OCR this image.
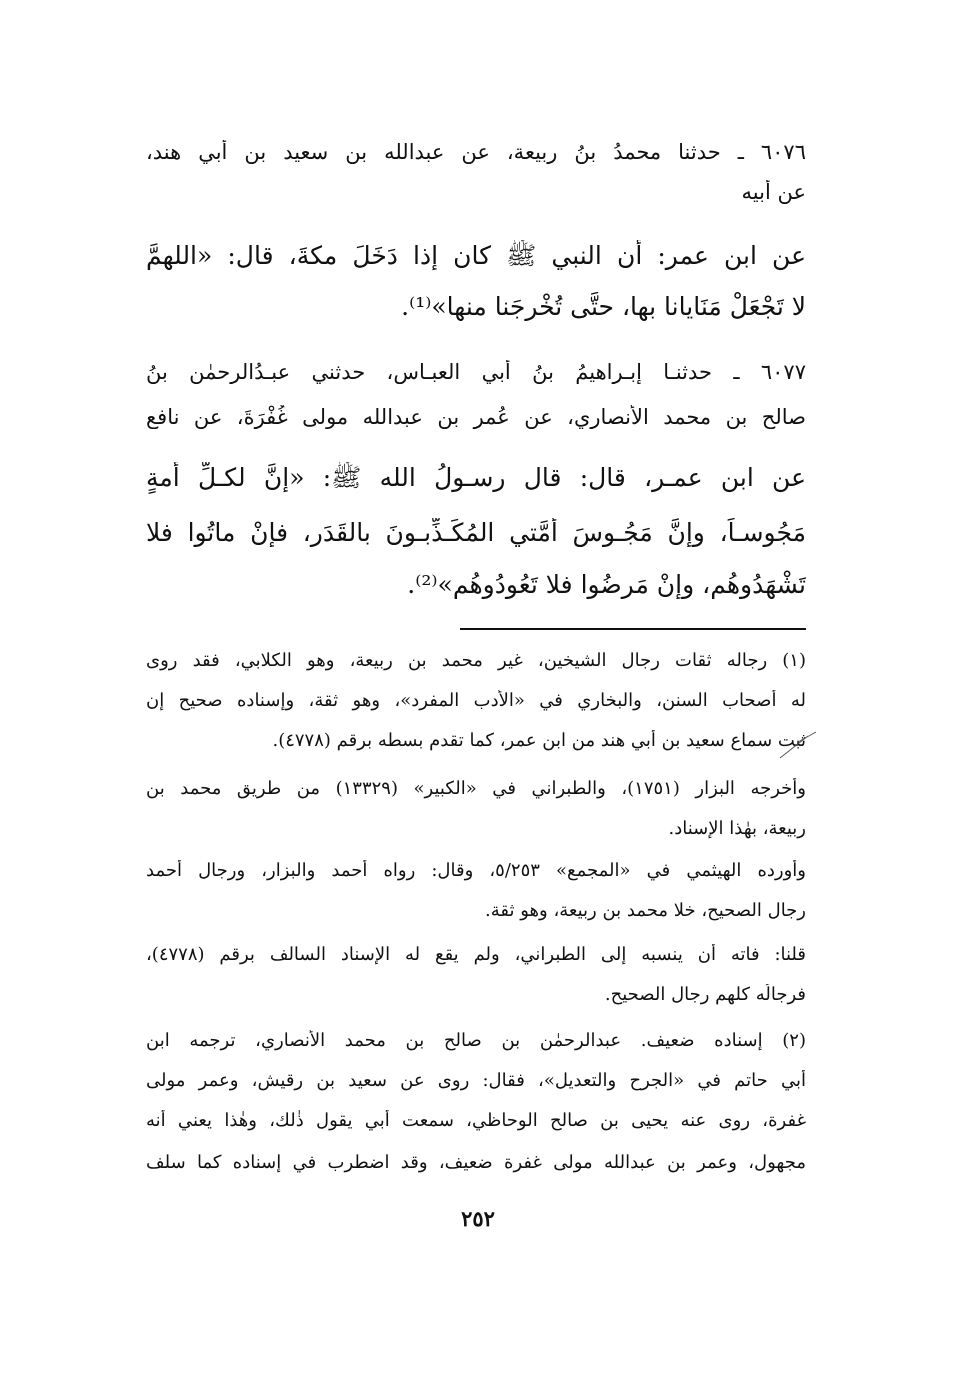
٦٠٧٦ ـ حدثنا محمدُ بنُ ربيعة، عن عبدالله بن سعيد بن أبي هند،
عن أبيه
عن ابن عمر: أن النبي ﷺ كان إذا دَخَلَ مكةَ، قال: «اللهمَّ
لا تَجْعَلْ مَنَايانا بها، حتَّى تُخْرِجَنا منها»⁽¹⁾.
٦٠٧٧ ـ حدثنـا إبـراهيمُ بنُ أبي العبـاس، حدثني عبـدُالرحمٰن بنُ
صالح بن محمد الأنصاري، عن عُمر بن عبدالله مولى غُفْرَةَ، عن نافع
عن ابن عمـر، قال: قال رسـولُ الله ﷺ: «إنَّ لكـلِّ أُمةٍ
مَجُوسـاً، وإنَّ مَجُـوسَ أُمَّتي المُكَـذِّبـونَ بالقَدَر، فإنْ ماتُوا فلا
تَشْهَدُوهُم، وإنْ مَرِضُوا فلا تَعُودُوهُم»⁽²⁾.
(١) رجاله ثقات رجال الشيخين، غير محمد بن ربيعة، وهو الكلابي، فقد روى
له أصحاب السنن، والبخاري في «الأدب المفرد»، وهو ثقة، وإسناده صحيح إن
ثبت سماع سعيد بن أبي هند من ابن عمر، كما تقدم بسطه برقم (٤٧٧٨).
وأخرجه البزار (١٧٥١)، والطبراني في «الكبير» (١٣٣٢٩) من طريق محمد بن
ربيعة، بهٰذا الإسناد.
وأورده الهيثمي في «المجمع» ٥/٢٥٣، وقال: رواه أحمد والبزار، ورجال أحمد
رجال الصحيح، خلا محمد بن ربيعة، وهو ثقة.
قلنا: فاته أن ينسبه إلى الطبراني، ولم يقع له الإسناد السالف برقم (٤٧٧٨)،
فرجالُه كلهم رجال الصحيح.
(٢) إسناده ضعيف. عبدالرحمٰن بن صالح بن محمد الأنصاري، ترجمه ابن
أبي حاتم في «الجرح والتعديل»، فقال: روى عن سعيد بن رقيش، وعمر مولى
غفرة، روى عنه يحيى بن صالح الوحاظي، سمعت أبي يقول ذٰلك، وهٰذا يعني أنه
مجهول، وعمر بن عبدالله مولى غفرة ضعيف، وقد اضطرب في إسناده كما سلف
٢٥٢
